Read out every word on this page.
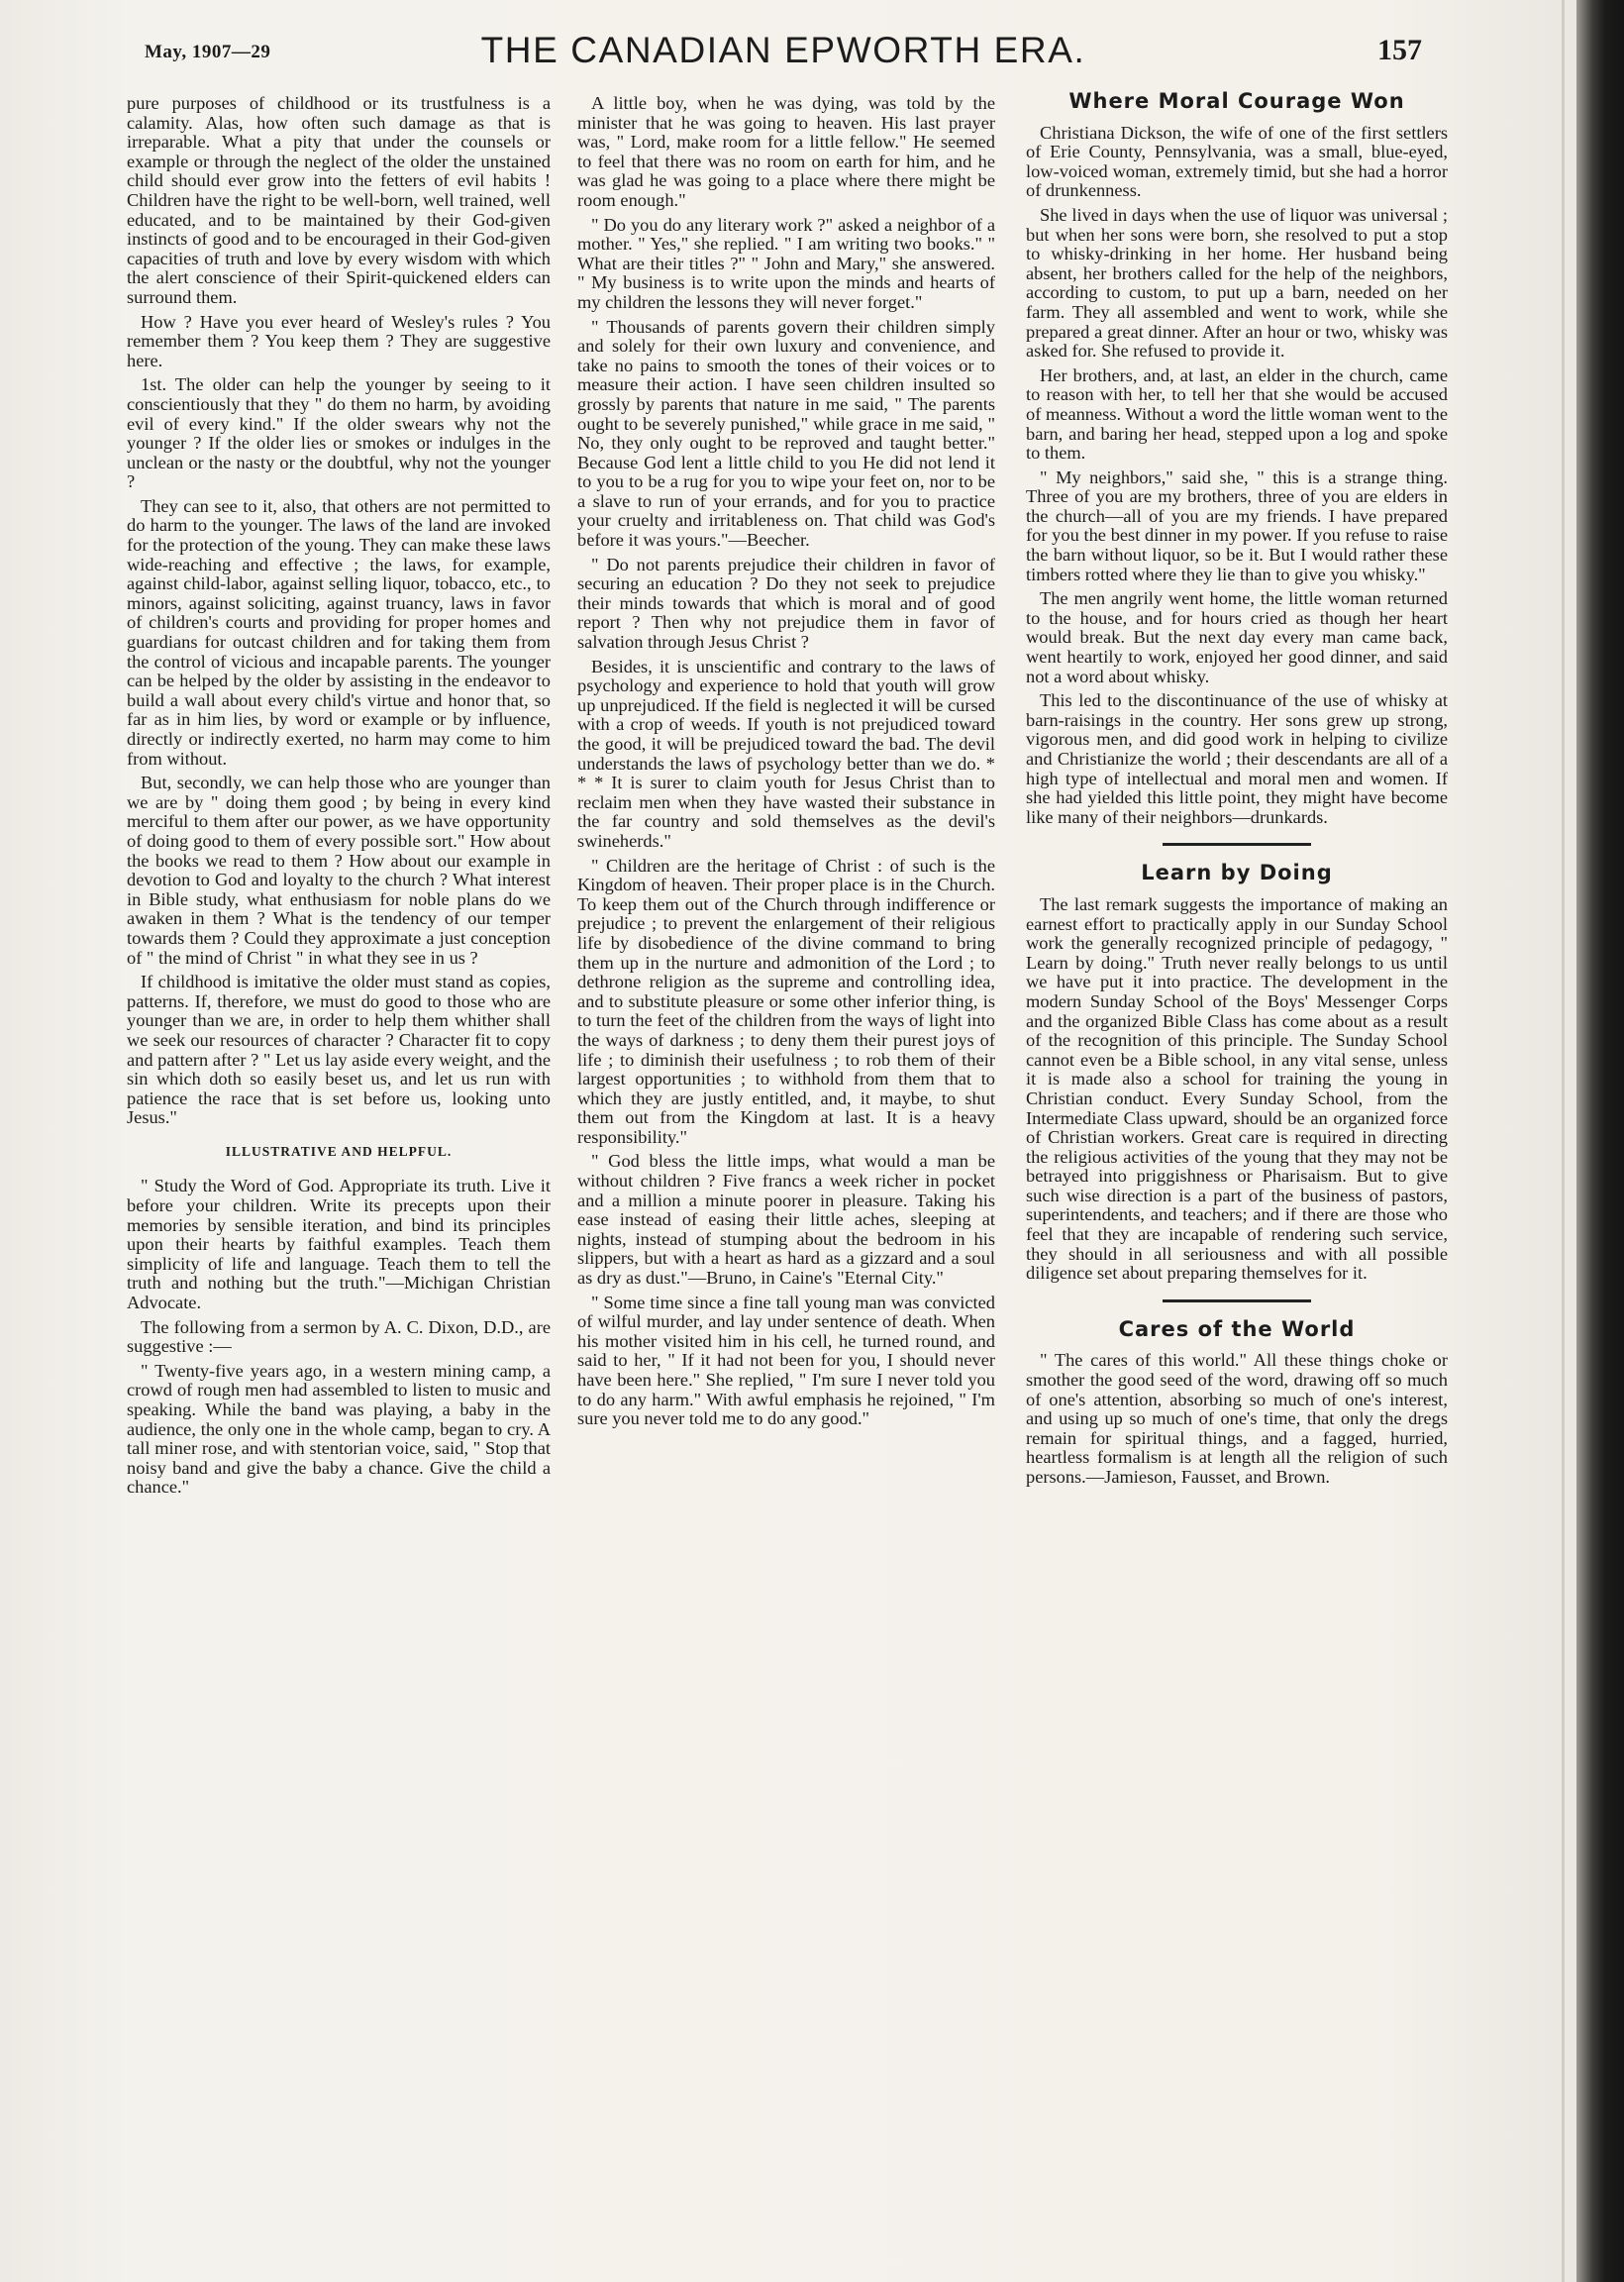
May, 1907—29	THE CANADIAN EPWORTH ERA.	157

pure purposes of childhood or its trustfulness is a calamity. Alas, how often such damage as that is irreparable. What a pity that under the counsels or example or through the neglect of the older the unstained child should ever grow into the fetters of evil habits ! Children have the right to be well-born, well trained, well educated, and to be maintained by their God-given instincts of good and to be encouraged in their God-given capacities of truth and love by every wisdom with which the alert conscience of their Spirit-quickened elders can surround them.

How ? Have you ever heard of Wesley's rules ? You remember them ? You keep them ? They are suggestive here.

1st. The older can help the younger by seeing to it conscientiously that they " do them no harm, by avoiding evil of every kind." If the older swears why not the younger ? If the older lies or smokes or indulges in the unclean or the nasty or the doubtful, why not the younger ?

They can see to it, also, that others are not permitted to do harm to the younger. The laws of the land are invoked for the protection of the young. They can make these laws wide-reaching and effective ; the laws, for example, against child-labor, against selling liquor, tobacco, etc., to minors, against soliciting, against truancy, laws in favor of children's courts and providing for proper homes and guardians for outcast children and for taking them from the control of vicious and incapable parents. The younger can be helped by the older by assisting in the endeavor to build a wall about every child's virtue and honor that, so far as in him lies, by word or example or by influence, directly or indirectly exerted, no harm may come to him from without.

But, secondly, we can help those who are younger than we are by " doing them good ; by being in every kind merciful to them after our power, as we have opportunity of doing good to them of every possible sort." How about the books we read to them ? How about our example in devotion to God and loyalty to the church ? What interest in Bible study, what enthusiasm for noble plans do we awaken in them ? What is the tendency of our temper towards them ? Could they approximate a just conception of " the mind of Christ " in what they see in us ?

If childhood is imitative the older must stand as copies, patterns. If, therefore, we must do good to those who are younger than we are, in order to help them whither shall we seek our resources of character ? Character fit to copy and pattern after ? " Let us lay aside every weight, and the sin which doth so easily beset us, and let us run with patience the race that is set before us, looking unto Jesus."

ILLUSTRATIVE AND HELPFUL.

" Study the Word of God. Appropriate its truth. Live it before your children. Write its precepts upon their memories by sensible iteration, and bind its principles upon their hearts by faithful examples. Teach them simplicity of life and language. Teach them to tell the truth and nothing but the truth."—Michigan Christian Advocate.

The following from a sermon by A. C. Dixon, D.D., are suggestive :—

" Twenty-five years ago, in a western mining camp, a crowd of rough men had assembled to listen to music and speaking. While the band was playing, a baby in the audience, the only one in the whole camp, began to cry. A tall miner rose, and with stentorian voice, said, " Stop that noisy band and give the baby a chance. Give the child a chance."

A little boy, when he was dying, was told by the minister that he was going to heaven. His last prayer was, " Lord, make room for a little fellow." He seemed to feel that there was no room on earth for him, and he was glad he was going to a place where there might be room enough."

" Do you do any literary work ?" asked a neighbor of a mother. " Yes," she replied. " I am writing two books." " What are their titles ?" " John and Mary," she answered. " My business is to write upon the minds and hearts of my children the lessons they will never forget."

" Thousands of parents govern their children simply and solely for their own luxury and convenience, and take no pains to smooth the tones of their voices or to measure their action. I have seen children insulted so grossly by parents that nature in me said, " The parents ought to be severely punished," while grace in me said, " No, they only ought to be reproved and taught better." Because God lent a little child to you He did not lend it to you to be a rug for you to wipe your feet on, nor to be a slave to run of your errands, and for you to practice your cruelty and irritableness on. That child was God's before it was yours."—Beecher.

" Do not parents prejudice their children in favor of securing an education ? Do they not seek to prejudice their minds towards that which is moral and of good report ? Then why not prejudice them in favor of salvation through Jesus Christ ?

Besides, it is unscientific and contrary to the laws of psychology and experience to hold that youth will grow up unprejudiced. If the field is neglected it will be cursed with a crop of weeds. If youth is not prejudiced toward the good, it will be prejudiced toward the bad. The devil understands the laws of psychology better than we do. * * * It is surer to claim youth for Jesus Christ than to reclaim men when they have wasted their substance in the far country and sold themselves as the devil's swineherds."

" Children are the heritage of Christ : of such is the Kingdom of heaven. Their proper place is in the Church. To keep them out of the Church through indifference or prejudice ; to prevent the enlargement of their religious life by disobedience of the divine command to bring them up in the nurture and admonition of the Lord ; to dethrone religion as the supreme and controlling idea, and to substitute pleasure or some other inferior thing, is to turn the feet of the children from the ways of light into the ways of darkness ; to deny them their purest joys of life ; to diminish their usefulness ; to rob them of their largest opportunities ; to withhold from them that to which they are justly entitled, and, it maybe, to shut them out from the Kingdom at last. It is a heavy responsibility."

" God bless the little imps, what would a man be without children ? Five francs a week richer in pocket and a million a minute poorer in pleasure. Taking his ease instead of easing their little aches, sleeping at nights, instead of stumping about the bedroom in his slippers, but with a heart as hard as a gizzard and a soul as dry as dust."—Bruno, in Caine's "Eternal City."

" Some time since a fine tall young man was convicted of wilful murder, and lay under sentence of death. When his mother visited him in his cell, he turned round, and said to her, " If it had not been for you, I should never have been here." She replied, " I'm sure I never told you to do any harm." With awful emphasis he rejoined, " I'm sure you never told me to do any good."

Where Moral Courage Won

Christiana Dickson, the wife of one of the first settlers of Erie County, Pennsylvania, was a small, blue-eyed, low-voiced woman, extremely timid, but she had a horror of drunkenness.

She lived in days when the use of liquor was universal ; but when her sons were born, she resolved to put a stop to whisky-drinking in her home. Her husband being absent, her brothers called for the help of the neighbors, according to custom, to put up a barn, needed on her farm. They all assembled and went to work, while she prepared a great dinner. After an hour or two, whisky was asked for. She refused to provide it.

Her brothers, and, at last, an elder in the church, came to reason with her, to tell her that she would be accused of meanness. Without a word the little woman went to the barn, and baring her head, stepped upon a log and spoke to them.

" My neighbors," said she, " this is a strange thing. Three of you are my brothers, three of you are elders in the church—all of you are my friends. I have prepared for you the best dinner in my power. If you refuse to raise the barn without liquor, so be it. But I would rather these timbers rotted where they lie than to give you whisky."

The men angrily went home, the little woman returned to the house, and for hours cried as though her heart would break. But the next day every man came back, went heartily to work, enjoyed her good dinner, and said not a word about whisky.

This led to the discontinuance of the use of whisky at barn-raisings in the country. Her sons grew up strong, vigorous men, and did good work in helping to civilize and Christianize the world ; their descendants are all of a high type of intellectual and moral men and women. If she had yielded this little point, they might have become like many of their neighbors—drunkards.

Learn by Doing

The last remark suggests the importance of making an earnest effort to practically apply in our Sunday School work the generally recognized principle of pedagogy, " Learn by doing." Truth never really belongs to us until we have put it into practice. The development in the modern Sunday School of the Boys' Messenger Corps and the organized Bible Class has come about as a result of the recognition of this principle. The Sunday School cannot even be a Bible school, in any vital sense, unless it is made also a school for training the young in Christian conduct. Every Sunday School, from the Intermediate Class upward, should be an organized force of Christian workers. Great care is required in directing the religious activities of the young that they may not be betrayed into priggishness or Pharisaism. But to give such wise direction is a part of the business of pastors, superintendents, and teachers; and if there are those who feel that they are incapable of rendering such service, they should in all seriousness and with all possible diligence set about preparing themselves for it.

Cares of the World

" The cares of this world." All these things choke or smother the good seed of the word, drawing off so much of one's attention, absorbing so much of one's interest, and using up so much of one's time, that only the dregs remain for spiritual things, and a fagged, hurried, heartless formalism is at length all the religion of such persons.—Jamieson, Fausset, and Brown.
